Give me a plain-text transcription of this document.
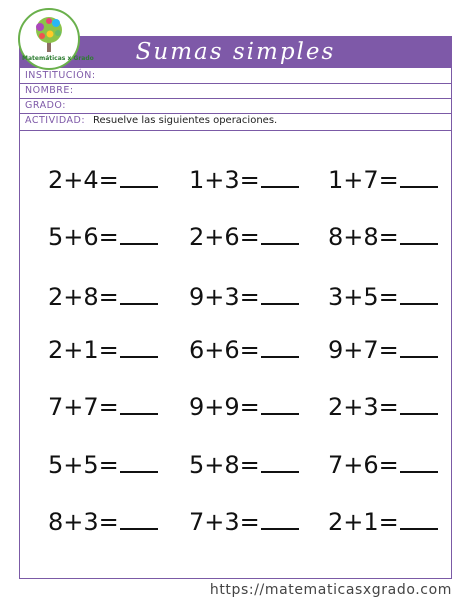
Sumas simples
Matemáticas x Grado
INSTITUCIÓN:
NOMBRE:
GRADO:
ACTIVIDAD: Resuelve las siguientes operaciones.
2+4=	1+3=	1+7=
5+6=	2+6=	8+8=
2+8=	9+3=	3+5=
2+1=	6+6=	9+7=
7+7=	9+9=	2+3=
5+5=	5+8=	7+6=
8+3=	7+3=	2+1=
https://matematicasxgrado.com
